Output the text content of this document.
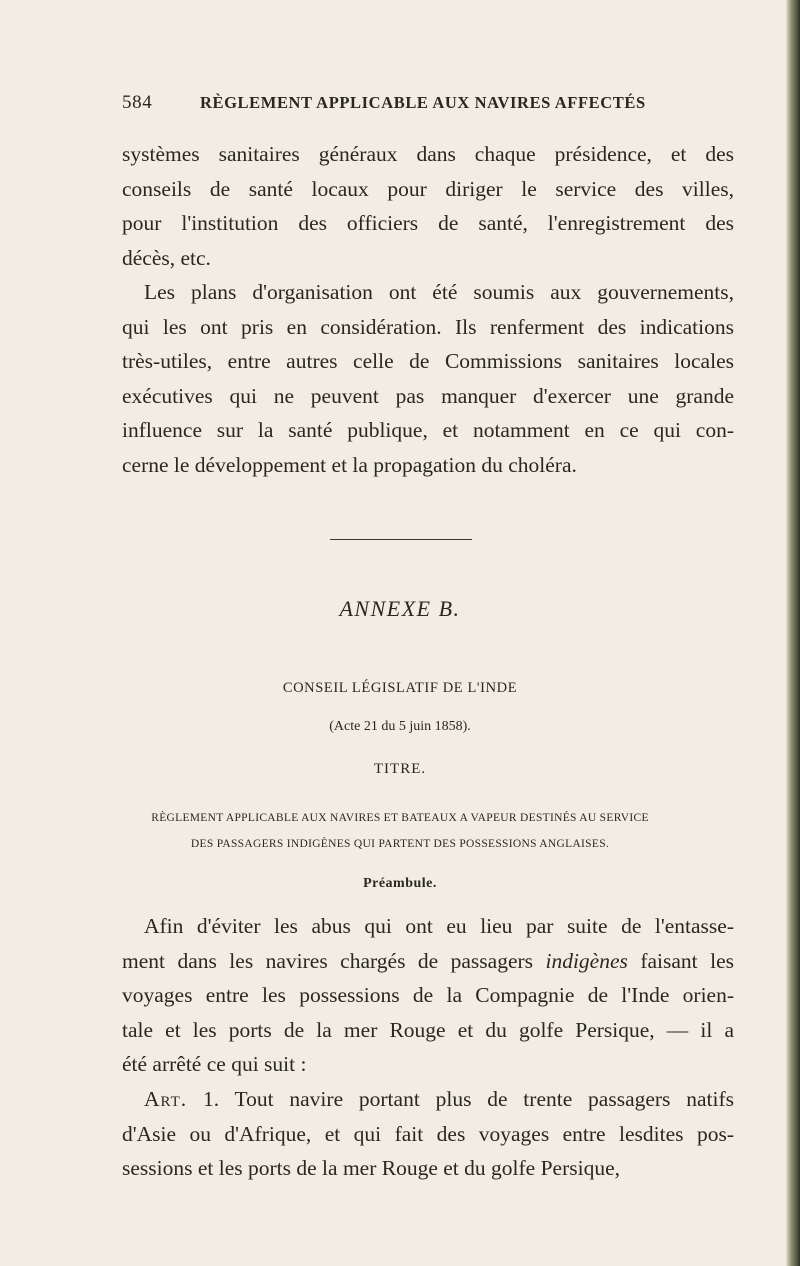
584	RÈGLEMENT APPLICABLE AUX NAVIRES AFFECTÉS

systèmes sanitaires généraux dans chaque présidence, et des
conseils de santé locaux pour diriger le service des villes,
pour l'institution des officiers de santé, l'enregistrement des
décès, etc.

Les plans d'organisation ont été soumis aux gouvernements,
qui les ont pris en considération. Ils renferment des indications
très-utiles, entre autres celle de Commissions sanitaires locales
exécutives qui ne peuvent pas manquer d'exercer une grande
influence sur la santé publique, et notamment en ce qui con-
cerne le développement et la propagation du choléra.

ANNEXE B.
CONSEIL LÉGISLATIF DE L'INDE
(Acte 21 du 5 juin 1858).
TITRE.
RÈGLEMENT APPLICABLE AUX NAVIRES ET BATEAUX A VAPEUR DESTINÉS AU SERVICE
DES PASSAGERS INDIGÈNES QUI PARTENT DES POSSESSIONS ANGLAISES.
Préambule.

Afin d'éviter les abus qui ont eu lieu par suite de l'entasse-
ment dans les navires chargés de passagers indigènes faisant les
voyages entre les possessions de la Compagnie de l'Inde orien-
tale et les ports de la mer Rouge et du golfe Persique, — il a
été arrêté ce qui suit :

Art. 1. Tout navire portant plus de trente passagers natifs
d'Asie ou d'Afrique, et qui fait des voyages entre lesdites pos-
sessions et les ports de la mer Rouge et du golfe Persique,
